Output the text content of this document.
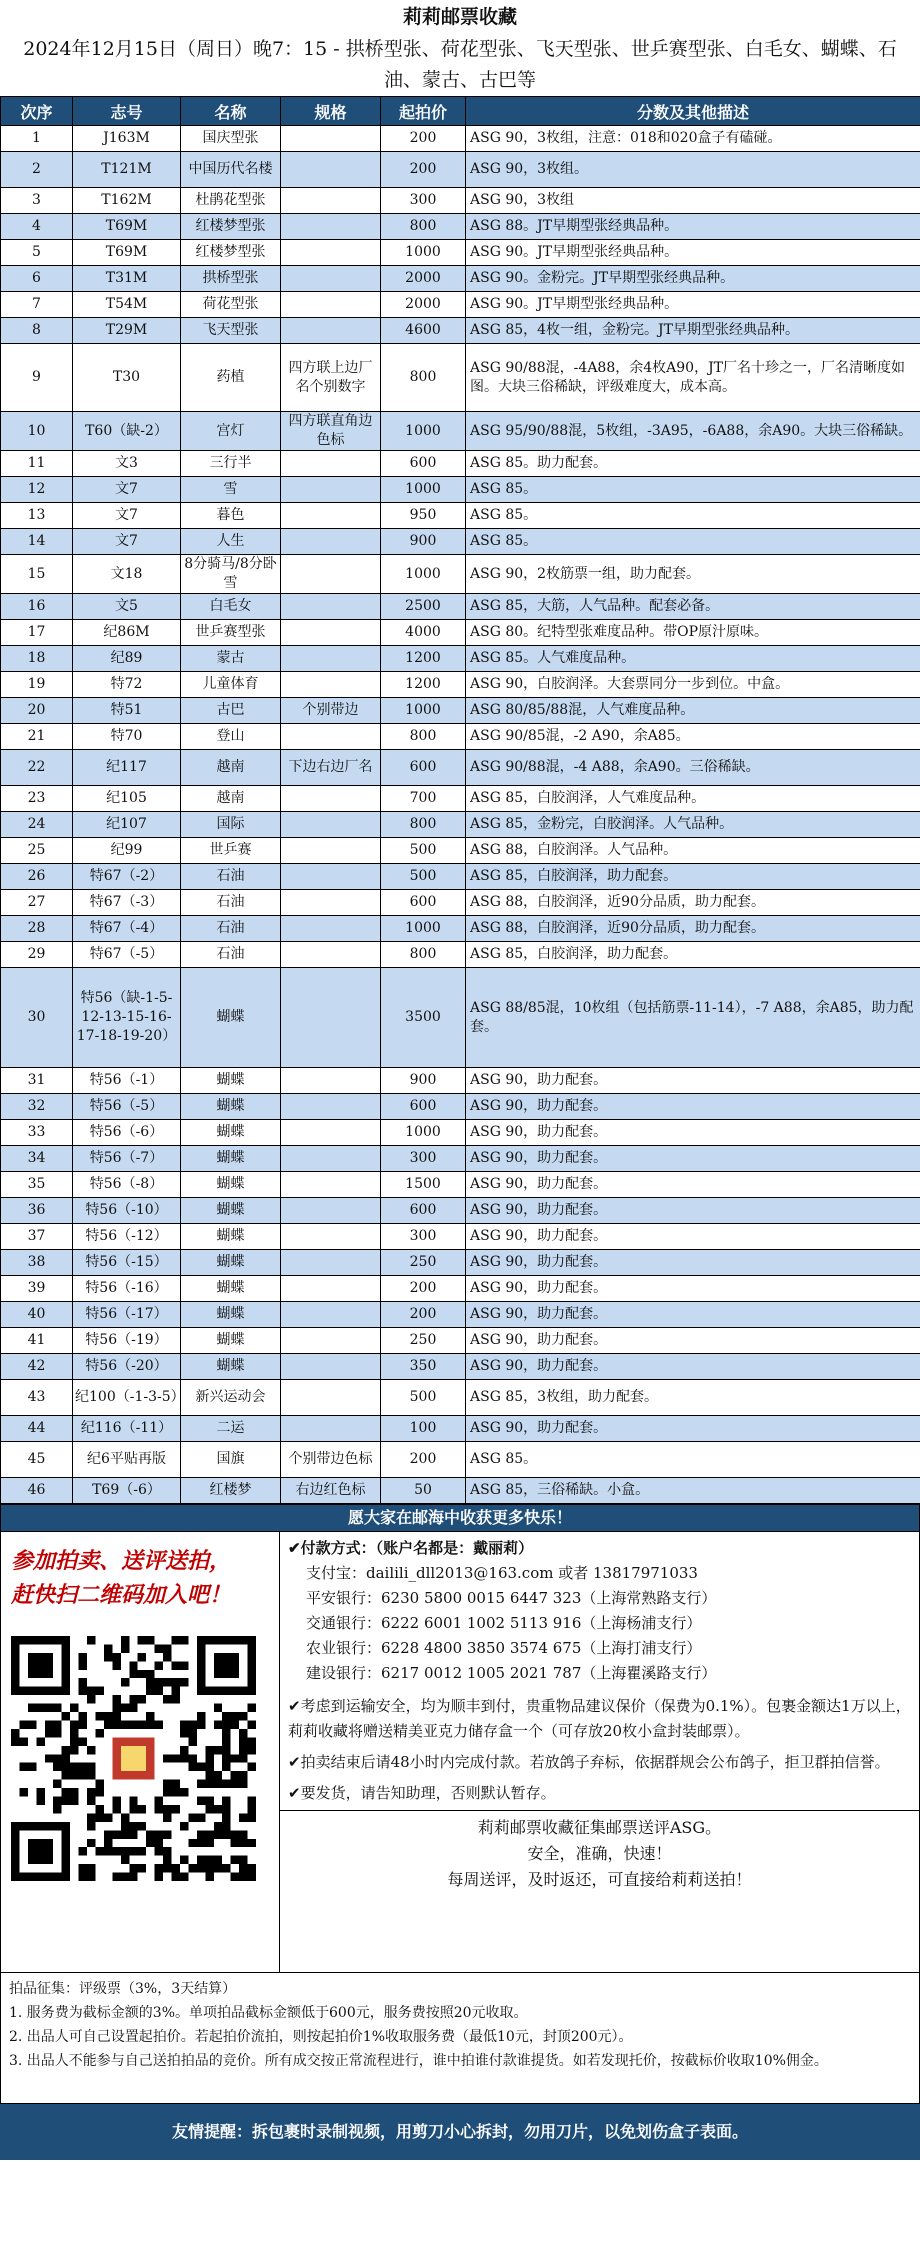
莉莉邮票收藏
2024年12月15日（周日）晚7：15 - 拱桥型张、荷花型张、飞天型张、世乒赛型张、白毛女、蝴蝶、石油、蒙古、古巴等
次序	志号	名称	规格	起拍价	分数及其他描述
1	J163M	国庆型张		200	ASG 90，3枚组，注意：018和020盒子有磕碰。
2	T121M	中国历代名楼		200	ASG 90，3枚组。
3	T162M	杜鹃花型张		300	ASG 90，3枚组
4	T69M	红楼梦型张		800	ASG 88。JT早期型张经典品种。
5	T69M	红楼梦型张		1000	ASG 90。JT早期型张经典品种。
6	T31M	拱桥型张		2000	ASG 90。金粉完。JT早期型张经典品种。
7	T54M	荷花型张		2000	ASG 90。JT早期型张经典品种。
8	T29M	飞天型张		4600	ASG 85，4枚一组，金粉完。JT早期型张经典品种。
9	T30	药植	四方联上边厂名个别数字	800	ASG 90/88混，-4A88，余4枚A90，JT厂名十珍之一，厂名清晰度如图。大块三俗稀缺，评级难度大，成本高。
10	T60（缺-2）	宫灯	四方联直角边色标	1000	ASG 95/90/88混，5枚组，-3A95，-6A88，余A90。大块三俗稀缺。
11	文3	三行半		600	ASG 85。助力配套。
12	文7	雪		1000	ASG 85。
13	文7	暮色		950	ASG 85。
14	文7	人生		900	ASG 85。
15	文18	8分骑马/8分卧雪		1000	ASG 90，2枚筋票一组，助力配套。
16	文5	白毛女		2500	ASG 85，大筋，人气品种。配套必备。
17	纪86M	世乒赛型张		4000	ASG 80。纪特型张难度品种。带OP原汁原味。
18	纪89	蒙古		1200	ASG 85。人气难度品种。
19	特72	儿童体育		1200	ASG 90，白胶润泽。大套票同分一步到位。中盒。
20	特51	古巴	个别带边	1000	ASG 80/85/88混，人气难度品种。
21	特70	登山		800	ASG 90/85混，-2 A90，余A85。
22	纪117	越南	下边右边厂名	600	ASG 90/88混，-4 A88，余A90。三俗稀缺。
23	纪105	越南		700	ASG 85，白胶润泽，人气难度品种。
24	纪107	国际		800	ASG 85，金粉完，白胶润泽。人气品种。
25	纪99	世乒赛		500	ASG 88，白胶润泽。人气品种。
26	特67（-2）	石油		500	ASG 85，白胶润泽，助力配套。
27	特67（-3）	石油		600	ASG 88，白胶润泽，近90分品质，助力配套。
28	特67（-4）	石油		1000	ASG 88，白胶润泽，近90分品质，助力配套。
29	特67（-5）	石油		800	ASG 85，白胶润泽，助力配套。
30	特56（缺-1-5-12-13-15-16-17-18-19-20）	蝴蝶		3500	ASG 88/85混，10枚组（包括筋票-11-14），-7 A88，余A85，助力配套。
31	特56（-1）	蝴蝶		900	ASG 90，助力配套。
32	特56（-5）	蝴蝶		600	ASG 90，助力配套。
33	特56（-6）	蝴蝶		1000	ASG 90，助力配套。
34	特56（-7）	蝴蝶		300	ASG 90，助力配套。
35	特56（-8）	蝴蝶		1500	ASG 90，助力配套。
36	特56（-10）	蝴蝶		600	ASG 90，助力配套。
37	特56（-12）	蝴蝶		300	ASG 90，助力配套。
38	特56（-15）	蝴蝶		250	ASG 90，助力配套。
39	特56（-16）	蝴蝶		200	ASG 90，助力配套。
40	特56（-17）	蝴蝶		200	ASG 90，助力配套。
41	特56（-19）	蝴蝶		250	ASG 90，助力配套。
42	特56（-20）	蝴蝶		350	ASG 90，助力配套。
43	纪100（-1-3-5）	新兴运动会		500	ASG 85，3枚组，助力配套。
44	纪116（-11）	二运		100	ASG 90，助力配套。
45	纪6平贴再版	国旗	个别带边色标	200	ASG 85。
46	T69（-6）	红楼梦	右边红色标	50	ASG 85，三俗稀缺。小盒。
愿大家在邮海中收获更多快乐！
参加拍卖、送评送拍，
赶快扫二维码加入吧！
✔付款方式：（账户名都是：戴丽莉）
支付宝：dailili_dll2013@163.com 或者 13817971033
平安银行：6230 5800 0015 6447 323（上海常熟路支行）
交通银行：6222 6001 1002 5113 916（上海杨浦支行）
农业银行：6228 4800 3850 3574 675（上海打浦支行）
建设银行：6217 0012 1005 2021 787（上海瞿溪路支行）
✔考虑到运输安全，均为顺丰到付，贵重物品建议保价（保费为0.1%）。包裹金额达1万以上，莉莉收藏将赠送精美亚克力储存盒一个（可存放20枚小盒封装邮票）。
✔拍卖结束后请48小时内完成付款。若放鸽子弃标，依据群规会公布鸽子，拒卫群拍信誉。
✔要发货，请告知助理，否则默认暂存。
莉莉邮票收藏征集邮票送评ASG。
安全，准确，快速！
每周送评，及时返还，可直接给莉莉送拍！
拍品征集：评级票（3%，3天结算）
1. 服务费为截标金额的3%。单项拍品截标金额低于600元，服务费按照20元收取。
2. 出品人可自己设置起拍价。若起拍价流拍，则按起拍价1%收取服务费（最低10元，封顶200元）。
3. 出品人不能参与自己送拍拍品的竞价。所有成交按正常流程进行，谁中拍谁付款谁提货。如若发现托价，按截标价收取10%佣金。
友情提醒：拆包裹时录制视频，用剪刀小心拆封，勿用刀片，以免划伤盒子表面。
